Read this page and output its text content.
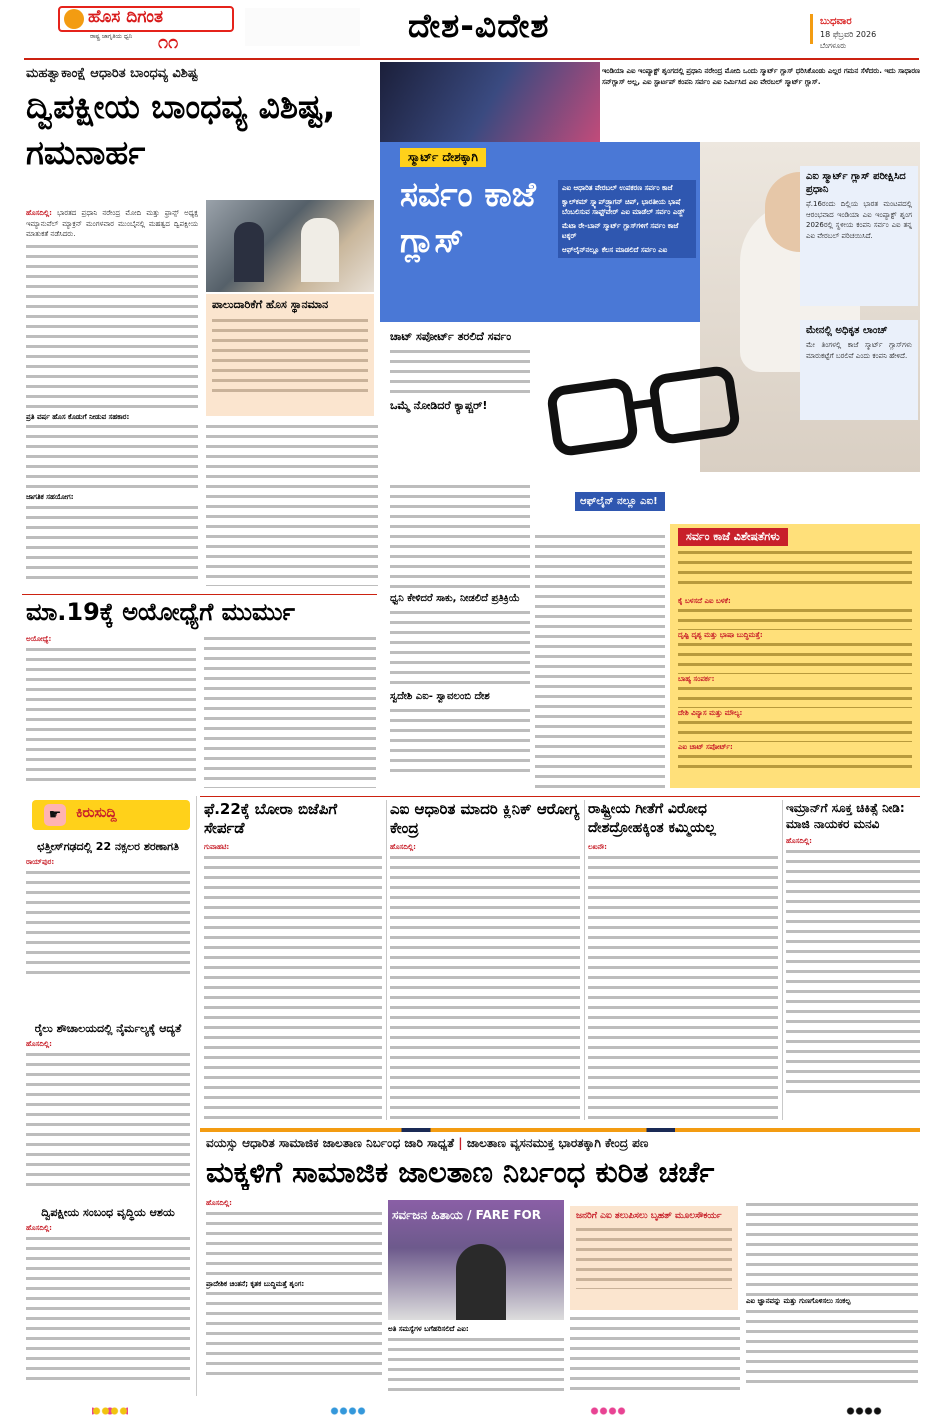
ಹೊಸ ದಿಗಂತ
ರಾಷ್ಟ್ರ ಜಾಗೃತಿಯ ಧ್ವನಿ ೧೧	ದೇಶ-ವಿದೇಶ	ಬುಧವಾರ
18 ಫೆಬ್ರವರಿ 2026
ಬೆಂಗಳೂರು
ಮಹತ್ವಾಕಾಂಕ್ಷೆ ಆಧಾರಿತ ಬಾಂಧವ್ಯ ವಿಶಿಷ್ಟ
ದ್ವಿಪಕ್ಷೀಯ ಬಾಂಧವ್ಯ ವಿಶಿಷ್ಟ, ಗಮನಾರ್ಹ
ಹೊಸದಿಲ್ಲಿ: ಭಾರತದ ಪ್ರಧಾನಿ ನರೇಂದ್ರ ಮೋದಿ ಮತ್ತು ಫ್ರಾನ್ಸ್ ಅಧ್ಯಕ್ಷ ಇಮ್ಯಾನುವೆಲ್ ಮ್ಯಾಕ್ರನ್ ಮಂಗಳವಾರ ಮುಂಬೈನಲ್ಲಿ ಮಹತ್ವದ ದ್ವಿಪಕ್ಷೀಯ ಮಾತುಕತೆ ನಡೆಸಿದರು.
ಪ್ರತಿ ವರ್ಷ ಹೊಸ ಕೊಡುಗೆ ನೀಡುವ ಸಹಕಾರ:
ಜಾಗತಿಕ ಸಹಯೋಗ:
ಪಾಲುದಾರಿಕೆಗೆ ಹೊಸ ಸ್ಥಾನಮಾನ
ಇಂಡಿಯಾ ಎಐ ಇಂಪ್ಯಾಕ್ಟ್ ಶೃಂಗದಲ್ಲಿ ಪ್ರಧಾನಿ ನರೇಂದ್ರ ಮೋದಿ ಒಂದು ಸ್ಮಾರ್ಟ್ ಗ್ಲಾಸ್ ಧರಿಸಿಕೊಂಡು ಎಲ್ಲರ ಗಮನ ಸೆಳೆದರು. ಇದು ಸಾಧಾರಣ ಸನ್‌ಗ್ಲಾಸ್ ಅಲ್ಲ, ಎಐ ಸ್ಟಾರ್ಟಪ್ ಕಂಪನಿ ಸರ್ವಂ ಎಐ ನಿರ್ಮಿಸಿದ ಎಐ ವೇರಬಲ್ ಸ್ಮಾರ್ಟ್ ಗ್ಲಾಸ್.
ಸ್ಮಾರ್ಟ್ ದೇಶಕ್ಕಾಗಿ
ಸರ್ವಂ ಕಾಜೆ ಗ್ಲಾಸ್
ಎಐ ಆಧಾರಿತ ವೇರಬಲ್ ಉಪಕರಣ ಸರ್ವಂ ಕಾಜೆ
ಕ್ವಾಲ್‌ಕಮ್ ಸ್ನ್ಯಾಪ್‌ಡ್ರ್ಯಾಗನ್ ಚಿಪ್, ಭಾರತೀಯ ಭಾಷೆ ಬೆಂಬಲಿಸುವ ಸಾಫ್ಟ್‌ವೇರ್ ಎಐ ಮಾಡೆಲ್ ಸರ್ವಂ ಎಡ್ಜ್
ಮೆಟಾ ರೇ-ಬಾನ್ ಸ್ಮಾರ್ಟ್ ಗ್ಲಾಸ್‌ಗಳಿಗೆ ಸರ್ವಂ ಕಾಜೆ ಟಕ್ಕರ್
ಆಫ್‌ಲೈನ್‌ನಲ್ಲೂ ಕೆಲಸ ಮಾಡಲಿದೆ ಸರ್ವಂ ಎಐ
ಎಐ ಸ್ಮಾರ್ಟ್ ಗ್ಲಾಸ್ ಪರೀಕ್ಷಿಸಿದ ಪ್ರಧಾನಿ
ಫೆ.16ರಂದು ದಿಲ್ಲಿಯ ಭಾರತ ಮಂಟಪದಲ್ಲಿ ಆರಂಭವಾದ ಇಂಡಿಯಾ ಎಐ ಇಂಪ್ಯಾಕ್ಟ್ ಶೃಂಗ 2026ರಲ್ಲಿ ಸ್ಥಳೀಯ ಕಂಪನಿ ಸರ್ವಂ ಎಐ ತನ್ನ ಎಐ ವೇರಬಲ್ ಪರಿಚಯಿಸಿದೆ.
ಮೇನಲ್ಲಿ ಅಧಿಕೃತ ಲಾಂಚ್
ಮೇ ತಿಂಗಳಲ್ಲಿ ಕಾಜೆ ಸ್ಮಾರ್ಟ್ ಗ್ಲಾಸ್‌ಗಳು ಮಾರುಕಟ್ಟೆಗೆ ಬರಲಿವೆ ಎಂದು ಕಂಪನಿ ಹೇಳಿದೆ.
ಚಾಟ್ ಸಪೋರ್ಟ್ ತರಲಿದೆ ಸರ್ವಂ
ಒಮ್ಮೆ ನೋಡಿದರೆ ಕ್ಯಾಪ್ಚರ್!
ಆಫ್‌ಲೈನ್ ನಲ್ಲೂ ಎಐ!
ಸರ್ವಂ ಕಾಜೆ ವಿಶೇಷತೆಗಳು
ಧ್ವನಿ ಕೇಳಿದರೆ ಸಾಕು, ನೀಡಲಿದೆ ಪ್ರತಿಕ್ರಿಯೆ
ಸ್ವದೇಶಿ ಎಐ- ಸ್ವಾವಲಂಬಿ ದೇಶ
ಕೈ ಬಳಸದೆ ಎಐ ಬಳಕೆ:
ದೃಷ್ಟಿ ದೃಶ್ಯ ಮತ್ತು ಭಾಷಾ ಬುದ್ಧಿಮತ್ತೆ:
ಬಾಹ್ಯ ಸಂಪರ್ಕ:
ದೇಶಿ ವಿನ್ಯಾಸ ಮತ್ತು ಮೌಲ್ಯ:
ಎಐ ಚಾಟ್ ಸಪೋರ್ಟ್:
ಮಾ.19ಕ್ಕೆ ಅಯೋಧ್ಯೆಗೆ ಮುರ್ಮು
ಅಯೋಧ್ಯೆ:
☛	ಕಿರುಸುದ್ದಿ
ಛತ್ತೀಸ್‌ಗಢದಲ್ಲಿ 22 ನಕ್ಸಲರ ಶರಣಾಗತಿ
ರಾಯ್‌ಪುರ:
ರೈಲು ಶೌಚಾಲಯದಲ್ಲಿ ನೈರ್ಮಲ್ಯಕ್ಕೆ ಆದ್ಯತೆ
ಹೊಸದಿಲ್ಲಿ:
ದ್ವಿಪಕ್ಷೀಯ ಸಂಬಂಧ ವೃದ್ಧಿಯ ಆಶಯ
ಹೊಸದಿಲ್ಲಿ:
ಫೆ.22ಕ್ಕೆ ಬೋರಾ ಬಿಜೆಪಿಗೆ ಸೇರ್ಪಡೆ
ಗುವಾಹಟಿ:
ಎಐ ಆಧಾರಿತ ಮಾದರಿ ಕ್ಲಿನಿಕ್ ಆರೋಗ್ಯ ಕೇಂದ್ರ
ಹೊಸದಿಲ್ಲಿ:
ರಾಷ್ಟ್ರೀಯ ಗೀತೆಗೆ ವಿರೋಧ ದೇಶದ್ರೋಹಕ್ಕಿಂತ ಕಮ್ಮಿಯಲ್ಲ
ಲಖನೌ:
ಇಮ್ರಾನ್‌ಗೆ ಸೂಕ್ತ ಚಿಕಿತ್ಸೆ ನೀಡಿ: ಮಾಜಿ ನಾಯಕರ ಮನವಿ
ಹೊಸದಿಲ್ಲಿ:
ವಯಸ್ಸು ಆಧಾರಿತ ಸಾಮಾಜಿಕ ಜಾಲತಾಣ ನಿರ್ಬಂಧ ಜಾರಿ ಸಾಧ್ಯತೆ | ಜಾಲತಾಣ ವ್ಯಸನಮುಕ್ತ ಭಾರತಕ್ಕಾಗಿ ಕೇಂದ್ರ ಪಣ
ಮಕ್ಕಳಿಗೆ ಸಾಮಾಜಿಕ ಜಾಲತಾಣ ನಿರ್ಬಂಧ ಕುರಿತ ಚರ್ಚೆ
ಹೊಸದಿಲ್ಲಿ:
ಪ್ರಾದೇಶಿಕ ಚಿಂತನೆ; ಕೃತಕ ಬುದ್ಧಿಮತ್ತೆ ಶೃಂಗ:
ಸರ್ವಜನ ಹಿತಾಯ / FARE FOR
ಅತಿ ಸಮಸ್ಯೆಗಳ ಬಗೆಹರಿಸಲಿದೆ ಎಐ:
ಜನರಿಗೆ ಎಐ ತಲುಪಿಸಲು ಬೃಹತ್ ಮೂಲಸೌಕರ್ಯ
ಎಐ ಜ್ಞಾನವನ್ನು ಮತ್ತು ಗುಣಗೊಳಿಸಲು ಸಂಕಲ್ಪ
